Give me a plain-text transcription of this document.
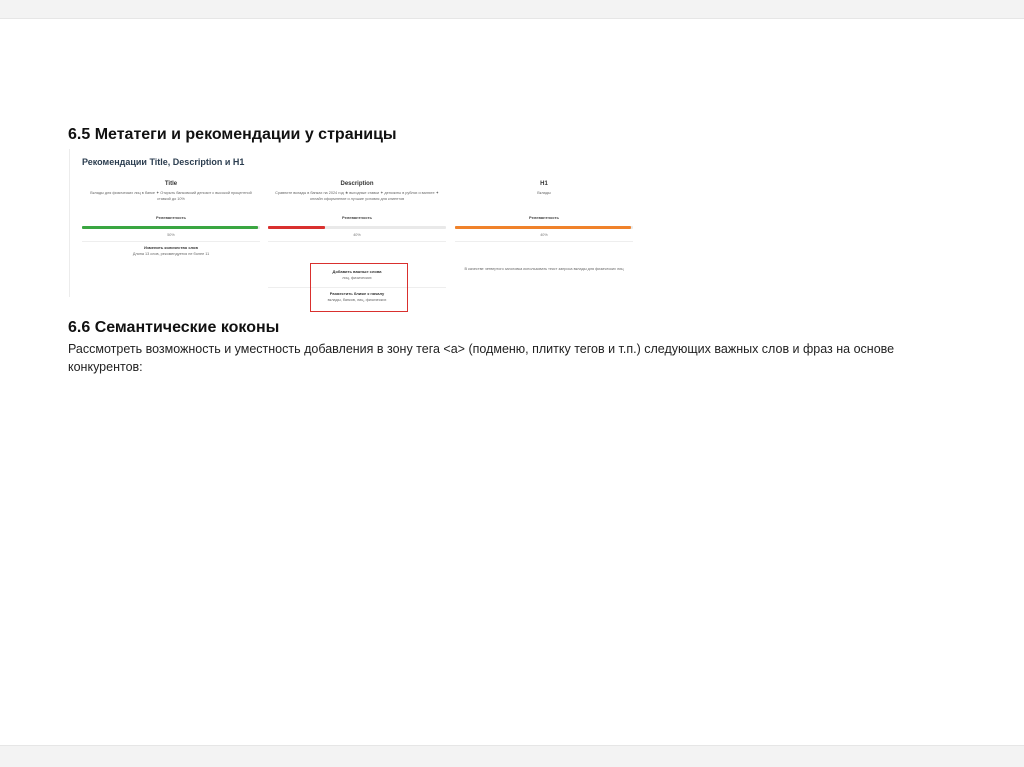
6.5 Метатеги и рекомендации у страницы
Рекомендации Title, Description и H1
Title
Вклады для физических лиц в банке ✦ Открыть банковский депозит с высокой процентной ставкой до 10%
Релевантность
50%
Изменить количество слов
Длина 13 слов, рекомендуется не более 11
Description
Сравните вклады в банках на 2024 год ★ выгодные ставки ✦ депозиты в рублях и валюте ✦ онлайн оформление и лучшие условия для клиентов
Релевантность
40%
Добавить важные слова
лиц, физических
Разместить ближе к началу
вклады, банков, лиц, физических
H1
Вклады
Релевантность
40%
В качестве четвертого заголовка использовать текст запроса вклады для физических лиц
6.6 Семантические коконы

Рассмотреть возможность и уместность добавления в зону тега <a> (подменю, плитку тегов и т.п.) следующих важных слов и фраз на основе конкурентов:
